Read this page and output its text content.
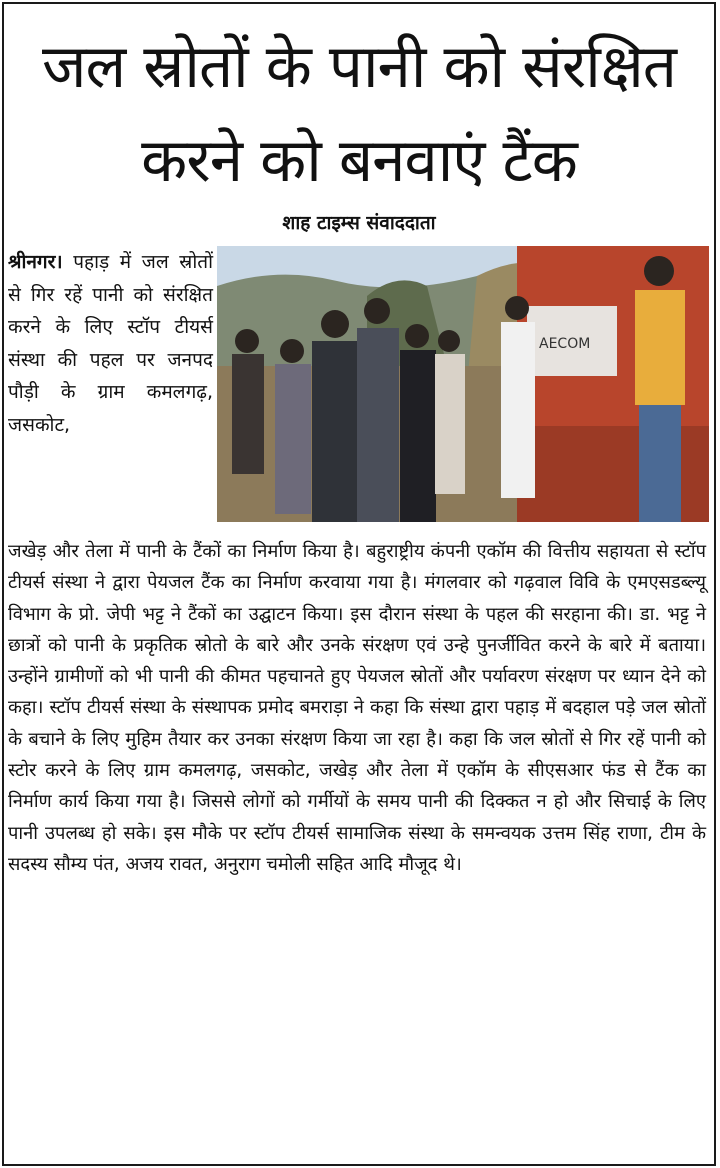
जल स्रोतों के पानी को संरक्षित
करने को बनवाएं टैंक
शाह टाइम्स संवाददाता
श्रीनगर। पहाड़ में जल स्रोतों से गिर रहें पानी को संरक्षित करने के लिए स्टॉप टीयर्स संस्था की पहल पर जनपद पौड़ी के ग्राम कमलगढ़, जसकोट,
AECOM

जखेड़ और तेला में पानी के टैंकों का निर्माण किया है। बहुराष्ट्रीय कंपनी एकॉम की वित्तीय सहायता से स्टॉप टीयर्स संस्था ने द्वारा पेयजल टैंक का निर्माण करवाया गया है। मंगलवार को गढ़वाल विवि के एमएसडब्ल्यू विभाग के प्रो. जेपी भट्ट ने टैंकों का उद्घाटन किया। इस दौरान संस्था के पहल की सरहाना की। डा. भट्ट ने छात्रों को पानी के प्रकृतिक स्रोतो के बारे और उनके संरक्षण एवं उन्हे पुनर्जीवित करने के बारे में बताया। उन्होंने ग्रामीणों को भी पानी की कीमत पहचानते हुए पेयजल स्रोतों और पर्यावरण संरक्षण पर ध्यान देने को कहा। स्टॉप टीयर्स संस्था के संस्थापक प्रमोद बमराड़ा ने कहा कि संस्था द्वारा पहाड़ में बदहाल पड़े जल स्रोतों के बचाने के लिए मुहिम तैयार कर उनका संरक्षण किया जा रहा है। कहा कि जल स्रोतों से गिर रहें पानी को स्टोर करने के लिए ग्राम कमलगढ़, जसकोट, जखेड़ और तेला में एकॉम के सीएसआर फंड से टैंक का निर्माण कार्य किया गया है। जिससे लोगों को गर्मीयों के समय पानी की दिक्कत न हो और सिचाई के लिए पानी उपलब्ध हो सके। इस मौके पर स्टॉप टीयर्स सामाजिक संस्था के समन्वयक उत्तम सिंह राणा, टीम के सदस्य सौम्य पंत, अजय रावत, अनुराग चमोली सहित आदि मौजूद थे।
